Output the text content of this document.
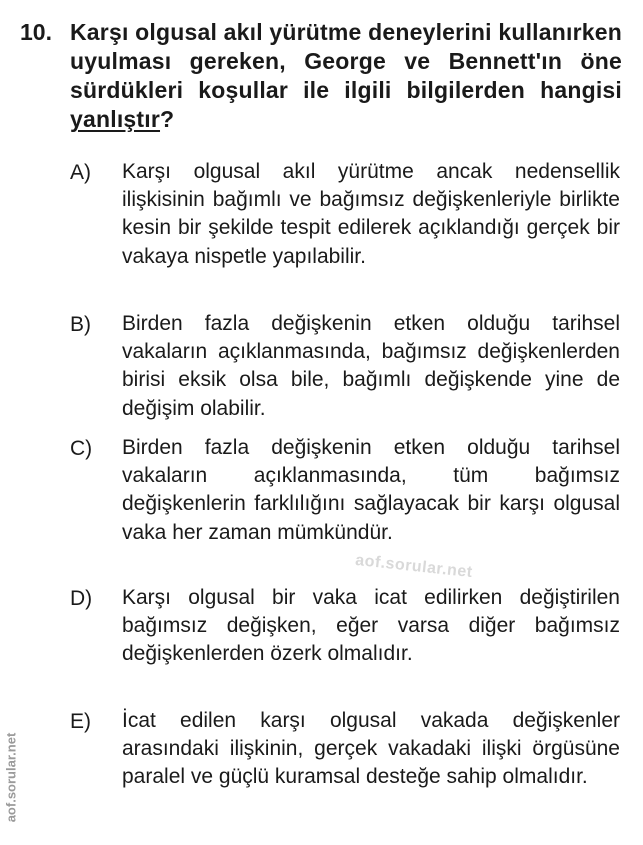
10. Karşı olgusal akıl yürütme deneylerini kullanırken uyulması gereken, George ve Bennett'ın öne sürdükleri koşullar ile ilgili bilgilerden hangisi yanlıştır?
A) Karşı olgusal akıl yürütme ancak nedensellik ilişkisinin bağımlı ve bağımsız değişkenleriyle birlikte kesin bir şekilde tespit edilerek açıklandığı gerçek bir vakaya nispetle yapılabilir.
B) Birden fazla değişkenin etken olduğu tarihsel vakaların açıklanmasında, bağımsız değişkenlerden birisi eksik olsa bile, bağımlı değişkende yine de değişim olabilir.
C) Birden fazla değişkenin etken olduğu tarihsel vakaların açıklanmasında, tüm bağımsız değişkenlerin farklılığını sağlayacak bir karşı olgusal vaka her zaman mümkündür.
D) Karşı olgusal bir vaka icat edilirken değiştirilen bağımsız değişken, eğer varsa diğer bağımsız değişkenlerden özerk olmalıdır.
E) İcat edilen karşı olgusal vakada değişkenler arasındaki ilişkinin, gerçek vakadaki ilişki örgüsüne paralel ve güçlü kuramsal desteğe sahip olmalıdır.
aof.sorular.net
aof.sorular.net
